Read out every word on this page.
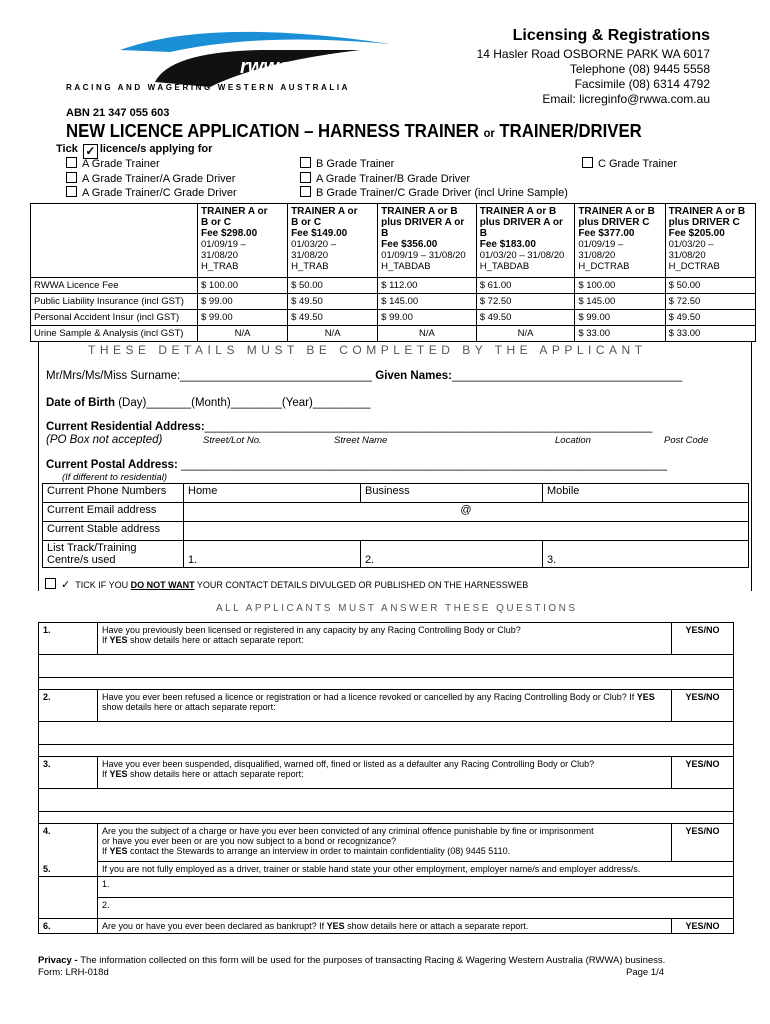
rwwa
RACING AND WAGERING WESTERN AUSTRALIA
Licensing & Registrations
14 Hasler Road OSBORNE PARK WA 6017
Telephone (08) 9445 5558
Facsimile (08) 6314 4792
Email: licreginfo@rwwa.com.au
ABN 21 347 055 603
NEW LICENCE APPLICATION – HARNESS TRAINER or TRAINER/DRIVER
Tick ✓ licence/s applying for
A Grade Trainer
A Grade Trainer/A Grade Driver
A Grade Trainer/C Grade Driver
B Grade Trainer
A Grade Trainer/B Grade Driver
B Grade Trainer/C Grade Driver (incl Urine Sample)
C Grade Trainer
	TRAINER A or
B or C
Fee $298.00
01/09/19 – 31/08/20
H_TRAB	TRAINER A or
B or C
Fee $149.00
01/03/20 – 31/08/20
H_TRAB	TRAINER A or B
plus DRIVER A or B
Fee $356.00
01/09/19 – 31/08/20
H_TABDAB	TRAINER A or B
plus DRIVER A or B
Fee $183.00
01/03/20 – 31/08/20
H_TABDAB	TRAINER A or B
plus DRIVER C
Fee $377.00
01/09/19 – 31/08/20
H_DCTRAB	TRAINER A or B
plus DRIVER C
Fee $205.00
01/03/20 – 31/08/20
H_DCTRAB
RWWA Licence Fee	$ 100.00	$ 50.00	$ 112.00	$ 61.00	$ 100.00	$ 50.00
Public Liability Insurance (incl GST)	$ 99.00	$ 49.50	$ 145.00	$ 72.50	$ 145.00	$ 72.50
Personal Accident Insur (incl GST)	$ 99.00	$ 49.50	$ 99.00	$ 49.50	$ 99.00	$ 49.50
Urine Sample & Analysis (incl GST)	N/A	N/A	N/A	N/A	$ 33.00	$ 33.00
THESE DETAILS MUST BE COMPLETED BY THE APPLICANT
Mr/Mrs/Ms/Miss Surname:______________________________ Given Names:____________________________________
Date of Birth (Day)_______(Month)________(Year)_________
Current Residential Address:______________________________________________________________________
(PO Box not accepted)	Street/Lot No.	Street Name	Location	Post Code
Current Postal Address: ____________________________________________________________________________
(If different to residential)
Current Phone Numbers	Home	Business	Mobile
Current Email address	@		
Current Stable address			
List Track/Training
Centre/s used	1.	2.	3.
✓ TICK IF YOU DO NOT WANT YOUR CONTACT DETAILS DIVULGED OR PUBLISHED ON THE HARNESSWEB
ALL APPLICANTS MUST ANSWER THESE QUESTIONS
1.	Have you previously been licensed or registered in any capacity by any Racing Controlling Body or Club?
If YES show details here or attach separate report:	YES/NO

2.	Have you ever been refused a licence or registration or had a licence revoked or cancelled by any Racing Controlling Body or Club? If YES show details here or attach separate report:	YES/NO

3.	Have you ever been suspended, disqualified, warned off, fined or listed as a defaulter any Racing Controlling Body or Club?
If YES show details here or attach separate report:	YES/NO

4.	Are you the subject of a charge or have you ever been convicted of any criminal offence punishable by fine or imprisonment
or have you ever been or are you now subject to a bond or recognizance?
If YES contact the Stewards to arrange an interview in order to maintain confidentiality (08) 9445 5110.	YES/NO
5.	If you are not fully employed as a driver, trainer or stable hand state your other employment, employer name/s and employer address/s.	
	1.	
	2.	
6.	Are you or have you ever been declared as bankrupt? If YES show details here or attach a separate report.	YES/NO
Privacy - The information collected on this form will be used for the purposes of transacting Racing & Wagering Western Australia (RWWA) business.
Form: LRH-018d	Page 1/4
